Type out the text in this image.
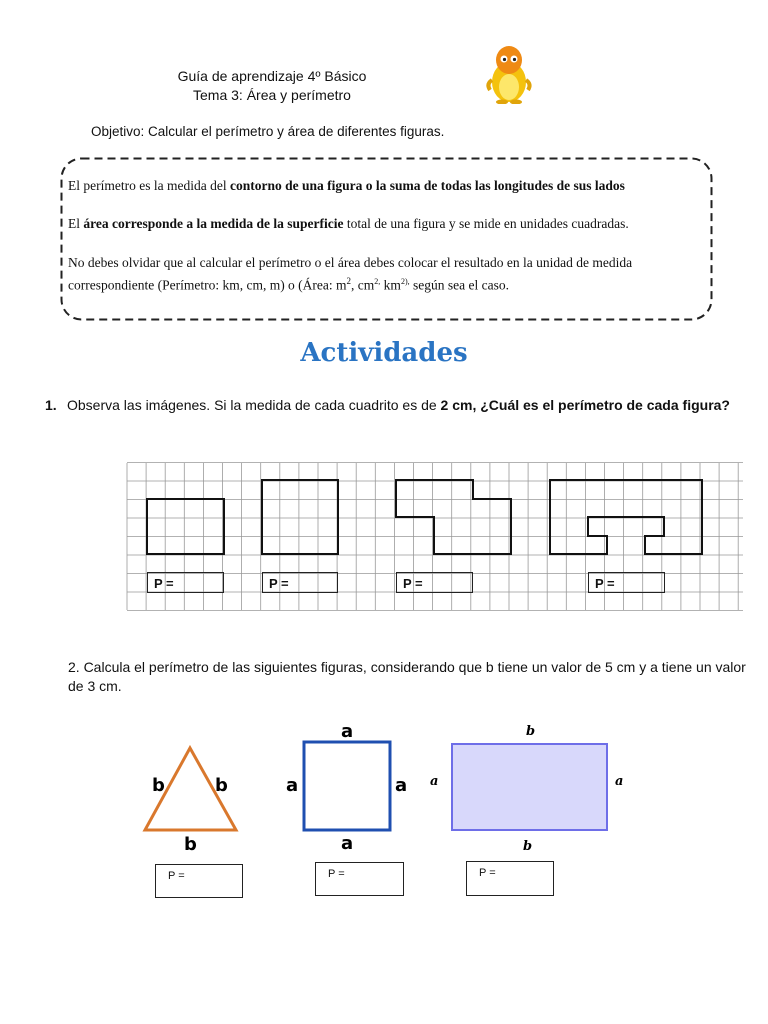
Guía de aprendizaje 4º Básico
Tema 3: Área y perímetro
Objetivo: Calcular el perímetro y área de diferentes figuras.
El perímetro es la medida del contorno de una figura o la suma de todas las longitudes de sus lados
El área corresponde a la medida de la superficie total de una figura y se mide en unidades cuadradas.
No debes olvidar que al calcular el perímetro o el área debes colocar el resultado en la unidad de medida
correspondiente (Perímetro: km, cm, m) o (Área: $m^2$, $cm^{2,}$ $km^{2),}$ según sea el caso.
Actividades
1. Observa las imágenes. Si la medida de cada cuadrito es de 2 cm, ¿Cuál es el perímetro de cada figura?
P =	P =	P =	P =
2. Calcula el perímetro de las siguientes figuras, considerando que b tiene un valor de 5 cm y a tiene un valor de 3 cm.
b	b
b
a
a	a
a
b
a	a
b
P =	P =	P =
